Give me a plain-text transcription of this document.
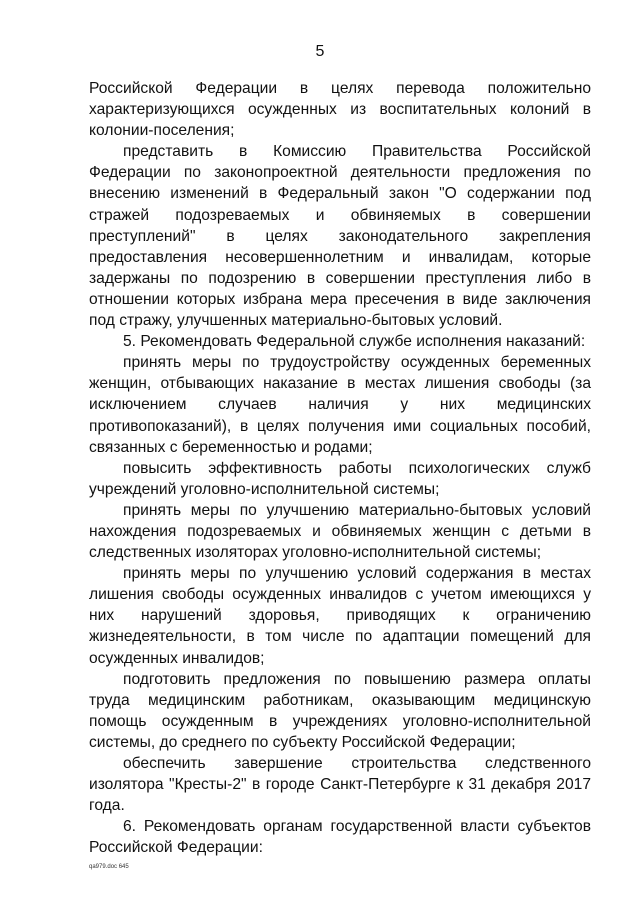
5

Российской Федерации в целях перевода положительно характеризующихся осужденных из воспитательных колоний в колонии-поселения;

представить в Комиссию Правительства Российской Федерации по законопроектной деятельности предложения по внесению изменений в Федеральный закон "О содержании под стражей подозреваемых и обвиняемых в совершении преступлений" в целях законодательного закрепления предоставления несовершеннолетним и инвалидам, которые задержаны по подозрению в совершении преступления либо в отношении которых избрана мера пресечения в виде заключения под стражу, улучшенных материально-бытовых условий.

5. Рекомендовать Федеральной службе исполнения наказаний:

принять меры по трудоустройству осужденных беременных женщин, отбывающих наказание в местах лишения свободы (за исключением случаев наличия у них медицинских противопоказаний), в целях получения ими социальных пособий, связанных с беременностью и родами;

повысить эффективность работы психологических служб учреждений уголовно-исполнительной системы;

принять меры по улучшению материально-бытовых условий нахождения подозреваемых и обвиняемых женщин с детьми в следственных изоляторах уголовно-исполнительной системы;

принять меры по улучшению условий содержания в местах лишения свободы осужденных инвалидов с учетом имеющихся у них нарушений здоровья, приводящих к ограничению жизнедеятельности, в том числе по адаптации помещений для осужденных инвалидов;

подготовить предложения по повышению размера оплаты труда медицинским работникам, оказывающим медицинскую помощь осужденным в учреждениях уголовно-исполнительной системы, до среднего по субъекту Российской Федерации;

обеспечить завершение строительства следственного изолятора "Кресты-2" в городе Санкт-Петербурге к 31 декабря 2017 года.

6. Рекомендовать органам государственной власти субъектов Российской Федерации:

qa979.doc 645
